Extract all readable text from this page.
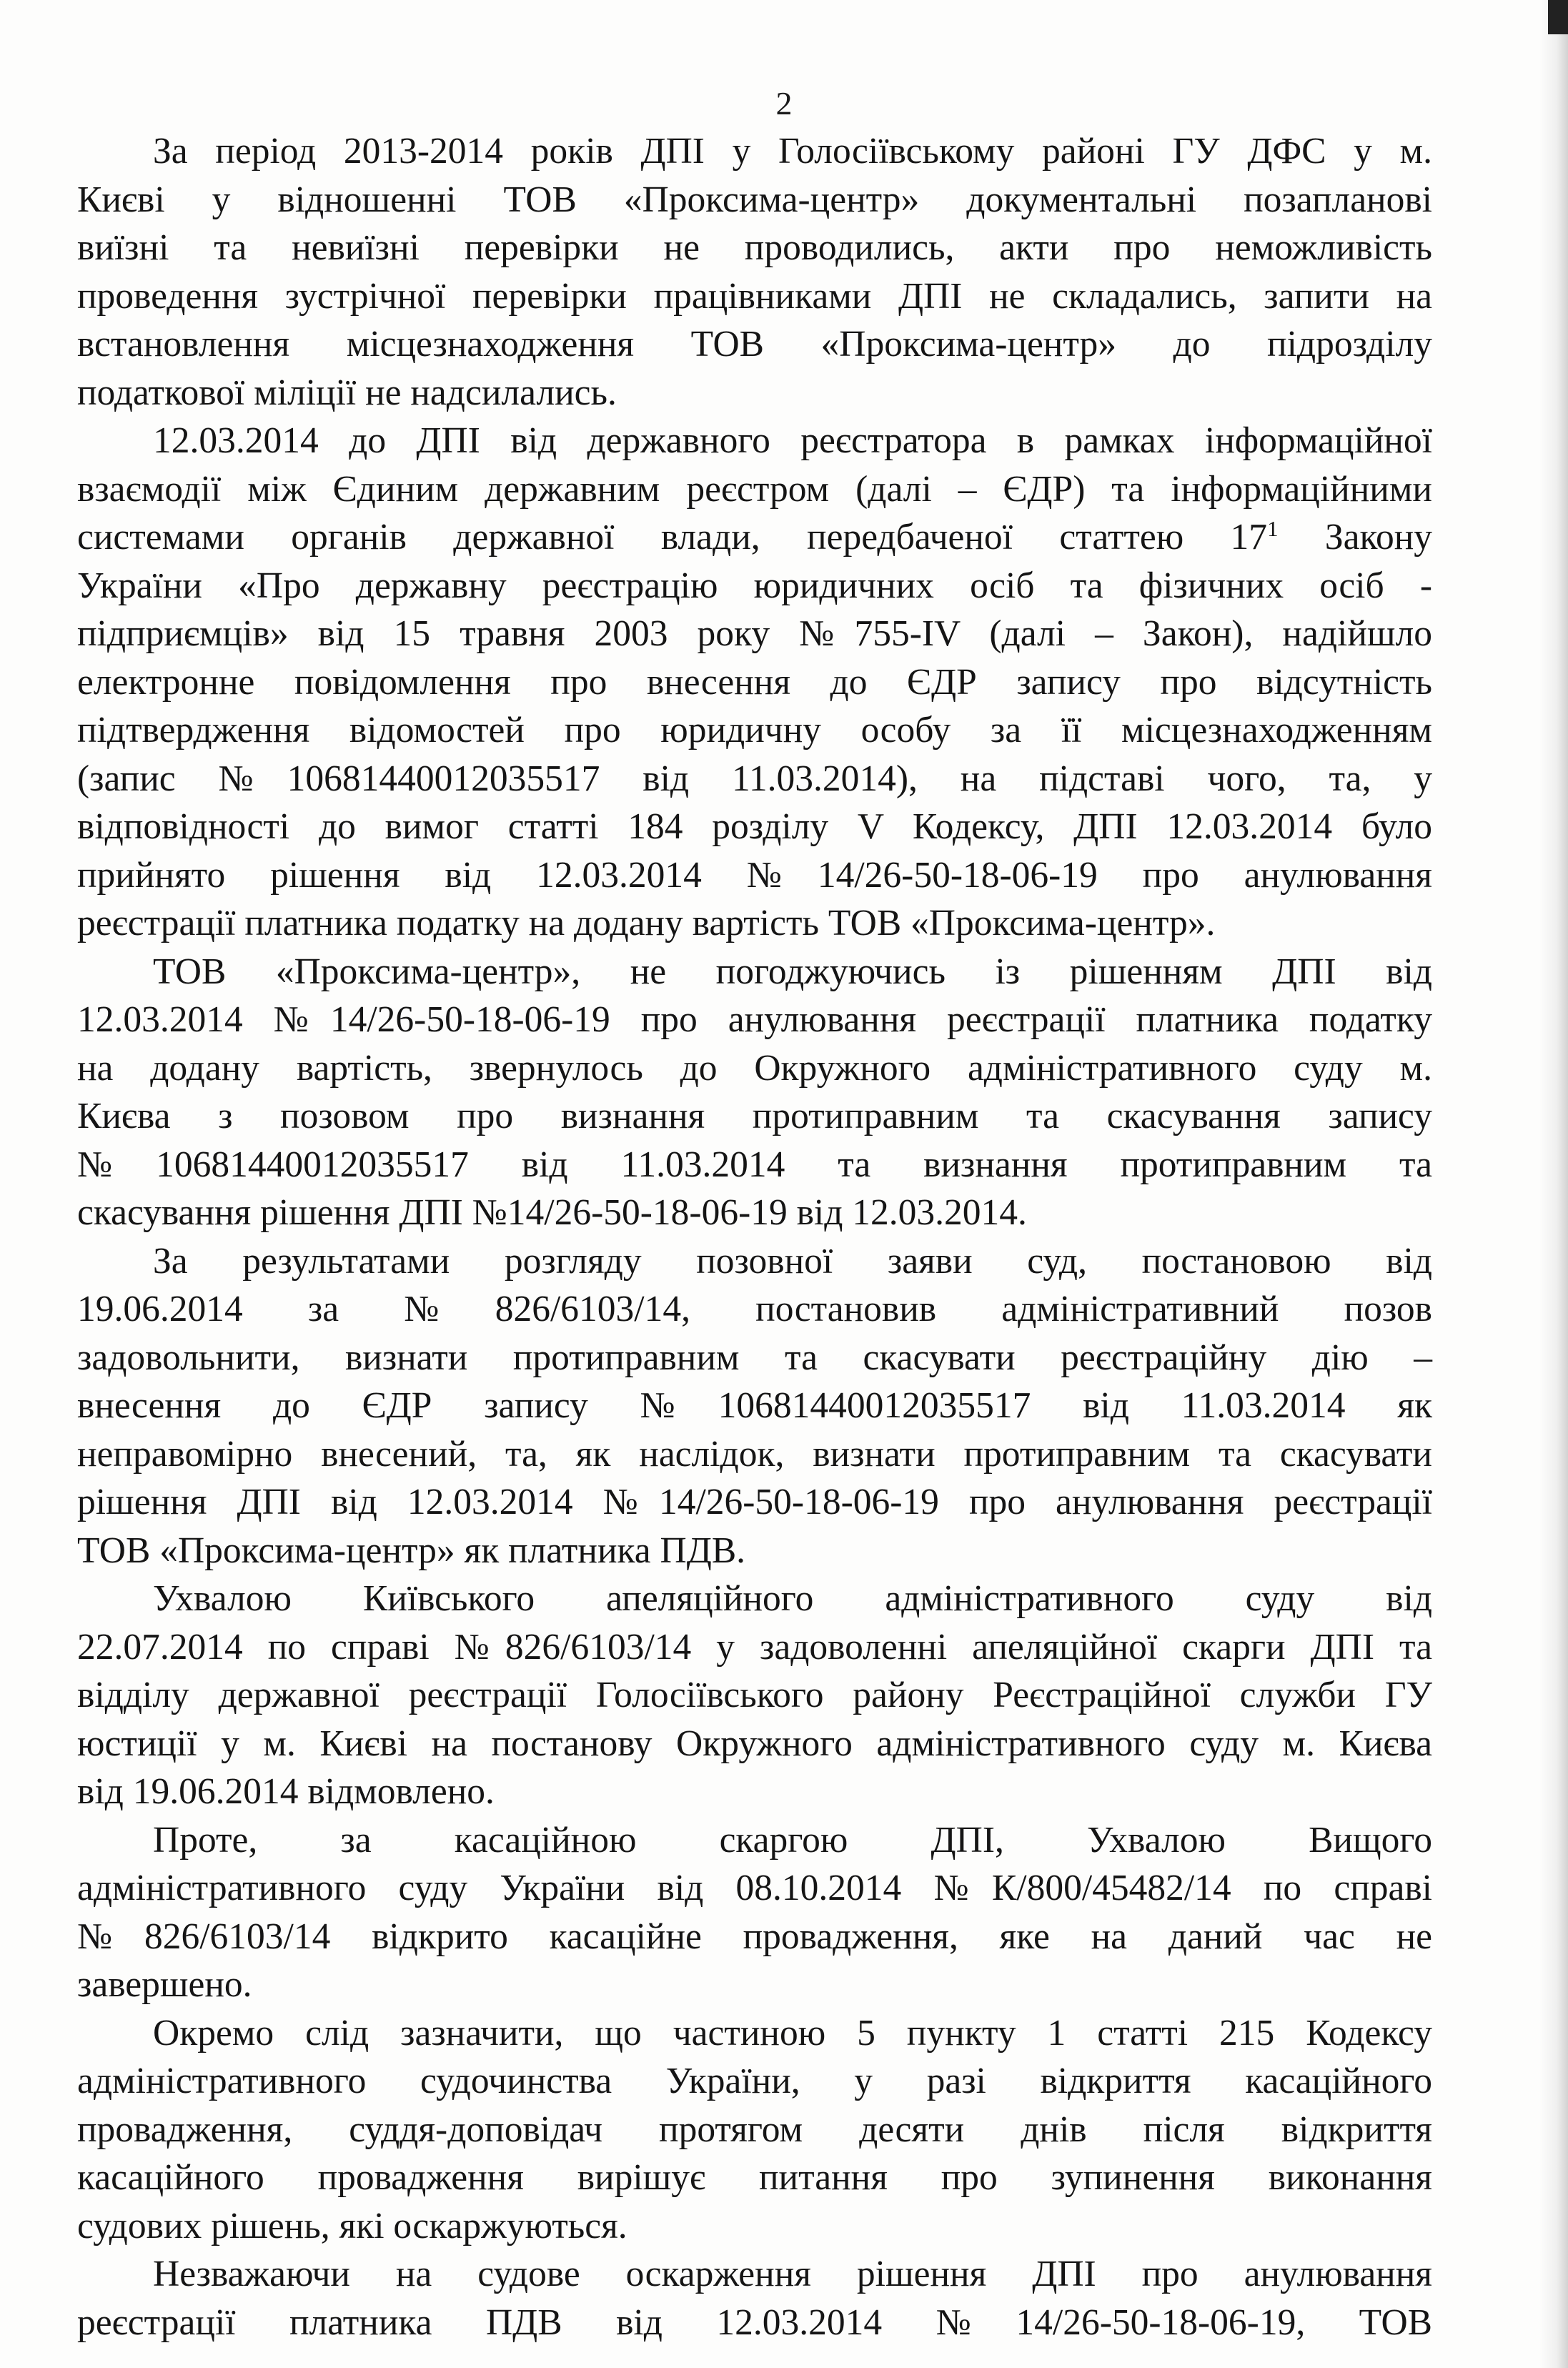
2
За період 2013-2014 років ДПІ у Голосіївському районі ГУ ДФС у м.
Києві у відношенні ТОВ «Проксима-центр» документальні позапланові
виїзні та невиїзні перевірки не проводились, акти про неможливість
проведення зустрічної перевірки працівниками ДПІ не складались, запити на
встановлення місцезнаходження ТОВ «Проксима-центр» до підрозділу
податкової міліції не надсилались.
12.03.2014 до ДПІ від державного реєстратора в рамках інформаційної
взаємодії між Єдиним державним реєстром (далі – ЄДР) та інформаційними
системами органів державної влади, передбаченої статтею $17^1$ Закону
України «Про державну реєстрацію юридичних осіб та фізичних осіб -
підприємців» від 15 травня 2003 року №755-IV (далі – Закон), надійшло
електронне повідомлення про внесення до ЄДР запису про відсутність
підтвердження відомостей про юридичну особу за її місцезнаходженням
(запис №10681440012035517 від 11.03.2014), на підставі чого, та, у
відповідності до вимог статті 184 розділу V Кодексу, ДПІ 12.03.2014 було
прийнято рішення від 12.03.2014 №14/26-50-18-06-19 про анулювання
реєстрації платника податку на додану вартість ТОВ «Проксима-центр».
ТОВ «Проксима-центр», не погоджуючись із рішенням ДПІ від
12.03.2014 №14/26-50-18-06-19 про анулювання реєстрації платника податку
на додану вартість, звернулось до Окружного адміністративного суду м.
Києва з позовом про визнання протиправним та скасування запису
№10681440012035517 від 11.03.2014 та визнання протиправним та
скасування рішення ДПІ №14/26-50-18-06-19 від 12.03.2014.
За результатами розгляду позовної заяви суд, постановою від
19.06.2014 за №826/6103/14, постановив адміністративний позов
задовольнити, визнати протиправним та скасувати реєстраційну дію –
внесення до ЄДР запису №10681440012035517 від 11.03.2014 як
неправомірно внесений, та, як наслідок, визнати протиправним та скасувати
рішення ДПІ від 12.03.2014 №14/26-50-18-06-19 про анулювання реєстрації
ТОВ «Проксима-центр» як платника ПДВ.
Ухвалою Київського апеляційного адміністративного суду від
22.07.2014 по справі №826/6103/14 у задоволенні апеляційної скарги ДПІ та
відділу державної реєстрації Голосіївського району Реєстраційної служби ГУ
юстиції у м. Києві на постанову Окружного адміністративного суду м. Києва
від 19.06.2014 відмовлено.
Проте, за касаційною скаргою ДПІ, Ухвалою Вищого
адміністративного суду України від 08.10.2014 №К/800/45482/14 по справі
№826/6103/14 відкрито касаційне провадження, яке на даний час не
завершено.
Окремо слід зазначити, що частиною 5 пункту 1 статті 215 Кодексу
адміністративного судочинства України, у разі відкриття касаційного
провадження, суддя-доповідач протягом десяти днів після відкриття
касаційного провадження вирішує питання про зупинення виконання
судових рішень, які оскаржуються.
Незважаючи на судове оскарження рішення ДПІ про анулювання
реєстрації платника ПДВ від 12.03.2014 №14/26-50-18-06-19, ТОВ
